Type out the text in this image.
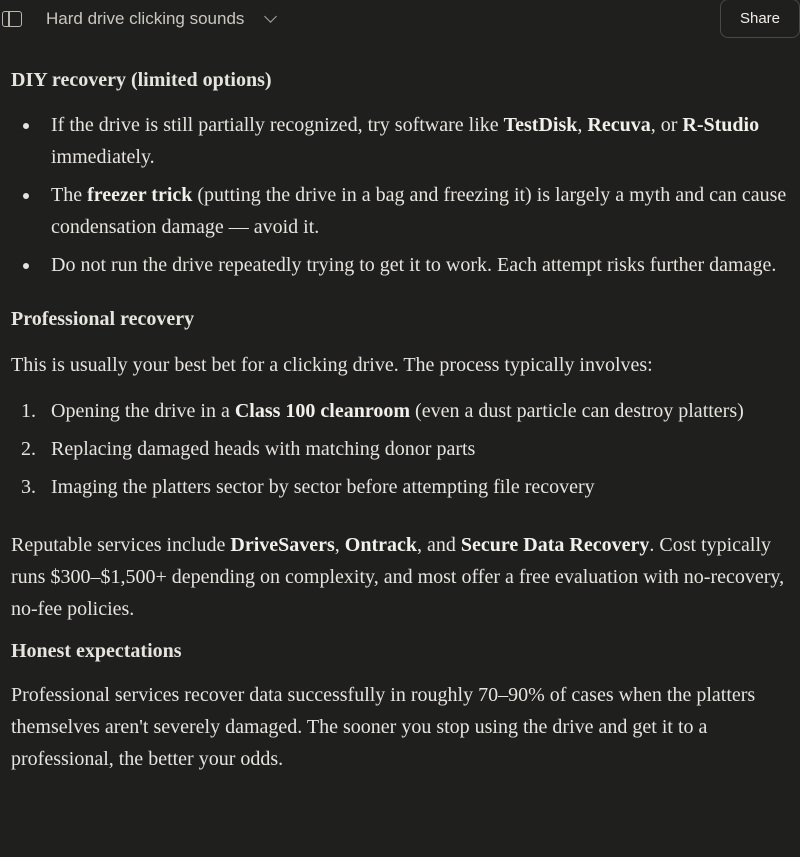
Hard drive clicking sounds	Share
DIY recovery (limited options)
If the drive is still partially recognized, try software like TestDisk, Recuva, or R-Studio immediately.
The freezer trick (putting the drive in a bag and freezing it) is largely a myth and can cause condensation damage — avoid it.
Do not run the drive repeatedly trying to get it to work. Each attempt risks further damage.
Professional recovery

This is usually your best bet for a clicking drive. The process typically involves:

1. Opening the drive in a Class 100 cleanroom (even a dust particle can destroy platters)
2. Replacing damaged heads with matching donor parts
3. Imaging the platters sector by sector before attempting file recovery

Reputable services include DriveSavers, Ontrack, and Secure Data Recovery. Cost typically runs $300–$1,500+ depending on complexity, and most offer a free evaluation with no-recovery, no-fee policies.

Honest expectations

Professional services recover data successfully in roughly 70–90% of cases when the platters themselves aren't severely damaged. The sooner you stop using the drive and get it to a professional, the better your odds.
